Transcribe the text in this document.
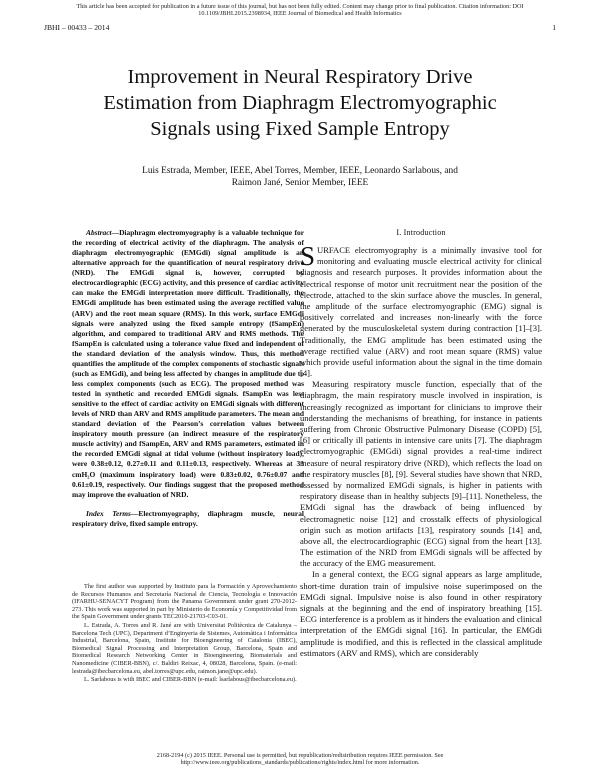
This article has been accepted for publication in a future issue of this journal, but has not been fully edited. Content may change prior to final publication. Citation information: DOI
10.1109/JBHI.2015.2398934, IEEE Journal of Biomedical and Health Informatics
JBHI – 00433 – 2014	1
Improvement in Neural Respiratory Drive
Estimation from Diaphragm Electromyographic
Signals using Fixed Sample Entropy
Luis Estrada, Member, IEEE, Abel Torres, Member, IEEE, Leonardo Sarlabous, and
Raimon Jané, Senior Member, IEEE

Abstract—Diaphragm electromyography is a valuable technique for the recording of electrical activity of the diaphragm. The analysis of diaphragm electromyographic (EMGdi) signal amplitude is an alternative approach for the quantification of neural respiratory drive (NRD). The EMGdi signal is, however, corrupted by electrocardiographic (ECG) activity, and this presence of cardiac activity can make the EMGdi interpretation more difficult. Traditionally, the EMGdi amplitude has been estimated using the average rectified value (ARV) and the root mean square (RMS). In this work, surface EMGdi signals were analyzed using the fixed sample entropy (fSampEn) algorithm, and compared to traditional ARV and RMS methods. The fSampEn is calculated using a tolerance value fixed and independent of the standard deviation of the analysis window. Thus, this method quantifies the amplitude of the complex components of stochastic signals (such as EMGdi), and being less affected by changes in amplitude due to less complex components (such as ECG). The proposed method was tested in synthetic and recorded EMGdi signals. fSampEn was less sensitive to the effect of cardiac activity on EMGdi signals with different levels of NRD than ARV and RMS amplitude parameters. The mean and standard deviation of the Pearson’s correlation values between inspiratory mouth pressure (an indirect measure of the respiratory muscle activity) and fSampEn, ARV and RMS parameters, estimated in the recorded EMGdi signal at tidal volume (without inspiratory load), were 0.38±0.12, 0.27±0.11 and 0.11±0.13, respectively. Whereas at 33 cmH₂O (maximum inspiratory load) were 0.83±0.02, 0.76±0.07 and 0.61±0.19, respectively. Our findings suggest that the proposed method may improve the evaluation of NRD.

Index Terms—Electromyography, diaphragm muscle, neural respiratory drive, fixed sample entropy.

The first author was supported by Instituto para la Formación y Aprovechamiento de Recursos Humanos and Secretaría Nacional de Ciencia, Tecnología e Innovación (IFARHU-SENACYT Program) from the Panama Government under grant 270-2012-273. This work was supported in part by Ministerio de Economía y Competitividad from the Spain Government under grants TEC2010-21703-C03-01.

L. Estrada, A. Torres and R. Jané are with Universitat Politècnica de Catalunya – Barcelona Tech (UPC), Department d’Enginyeria de Sistemes, Automàtica i Informàtica Industrial, Barcelona, Spain, Institute for Bioengineering of Catalonia (IBEC), Biomedical Signal Processing and Interpretation Group, Barcelona, Spain and Biomedical Research Networking Center in Bioengineering, Biomaterials and Nanomedicine (CIBER-BBN), c/. Baldiri Reixac, 4, 08028, Barcelona, Spain. (e-mail: lestrada@ibecbarcelona.eu, abel.torres@upc.edu, raimon.jane@upc.edu).

L. Sarlabous is with IBEC and CIBER-BBN (e-mail: lsarlabous@ibecbarcelona.eu).

I. Introduction

SURFACE electromyography is a minimally invasive tool for monitoring and evaluating muscle electrical activity for clinical diagnosis and research purposes. It provides information about the electrical response of motor unit recruitment near the position of the electrode, attached to the skin surface above the muscles. In general, the amplitude of the surface electromyographic (EMG) signal is positively correlated and increases non-linearly with the force generated by the musculoskeletal system during contraction [1]–[3]. Traditionally, the EMG amplitude has been estimated using the average rectified value (ARV) and root mean square (RMS) value which provide useful information about the signal in the time domain [4].

Measuring respiratory muscle function, especially that of the diaphragm, the main respiratory muscle involved in inspiration, is increasingly recognized as important for clinicians to improve their understanding the mechanisms of breathing, for instance in patients suffering from Chronic Obstructive Pulmonary Disease (COPD) [5], [6] or critically ill patients in intensive care units [7]. The diaphragm electromyographic (EMGdi) signal provides a real-time indirect measure of neural respiratory drive (NRD), which reflects the load on the respiratory muscles [8], [9]. Several studies have shown that NRD, assessed by normalized EMGdi signals, is higher in patients with respiratory disease than in healthy subjects [9]–[11]. Nonetheless, the EMGdi signal has the drawback of being influenced by electromagnetic noise [12] and crosstalk effects of physiological origin such as motion artifacts [13], respiratory sounds [14] and, above all, the electrocardiographic (ECG) signal from the heart [13]. The estimation of the NRD from EMGdi signals will be affected by the accuracy of the EMG measurement.

In a general context, the ECG signal appears as large amplitude, short-time duration train of impulsive noise superimposed on the EMGdi signal. Impulsive noise is also found in other respiratory signals at the beginning and the end of inspiratory breathing [15]. ECG interference is a problem as it hinders the evaluation and clinical interpretation of the EMGdi signal [16]. In particular, the EMGdi amplitude is modified, and this is reflected in the classical amplitude estimators (ARV and RMS), which are considerably

2168-2194 (c) 2015 IEEE. Personal use is permitted, but republication/redistribution requires IEEE permission. See
http://www.ieee.org/publications_standards/publications/rights/index.html for more information.
